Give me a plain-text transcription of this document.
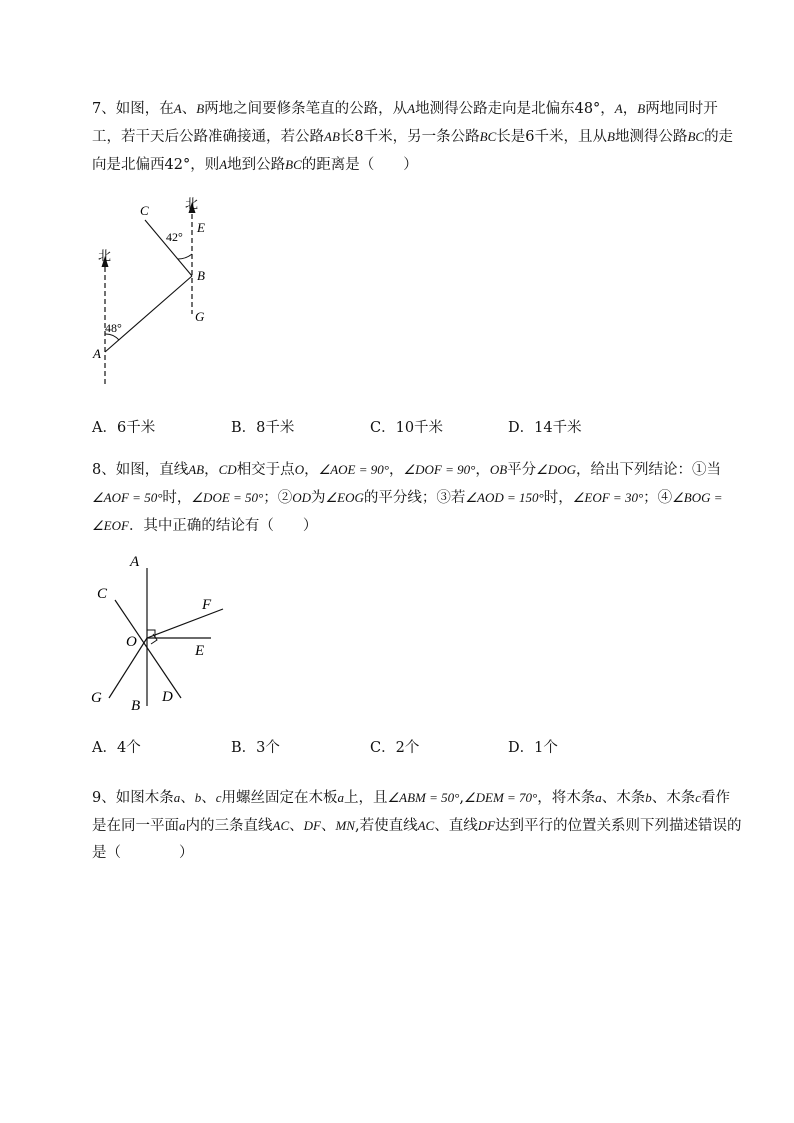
7、如图，在A、B两地之间要修条笔直的公路，从A地测得公路走向是北偏东48°，A，B两地同时开工，若干天后公路准确接通，若公路AB长8千米，另一条公路BC长是6千米，且从B地测得公路BC的走向是北偏西42°，则A地到公路BC的距离是（　　）

北
北
48°
42°
A
B
C
E
G
A．6千米	B．8千米	C．10千米	D．14千米

8、如图，直线AB，CD相交于点O，∠AOE = 90°，∠DOF = 90°，OB平分∠DOG，给出下列结论：①当∠AOF = 50°时，∠DOE = 50°；②OD为∠EOG的平分线；③若∠AOD = 150°时，∠EOF = 30°；④∠BOG = ∠EOF．其中正确的结论有（　　）

A
C
F
O
E
G	D
B
A．4个	B．3个	C．2个	D．1个

9、如图木条a、b、c用螺丝固定在木板a上，且∠ABM = 50°,∠DEM = 70°，将木条a、木条b、木条c看作是在同一平面a内的三条直线AC、DF、MN,若使直线AC、直线DF达到平行的位置关系则下列描述错误的是（　　　　）
